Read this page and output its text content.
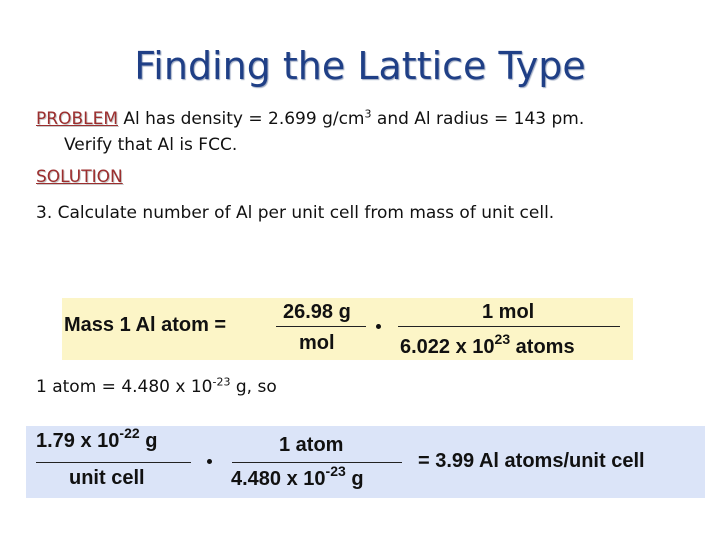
Finding the Lattice Type
PROBLEM Al has density = 2.699 $g/cm^3$ and Al radius = 143 pm.
Verify that Al is FCC.
SOLUTION
3. Calculate number of Al per unit cell from mass of unit cell.
Mass 1 Al atom =
26.98 g
mol
1 mol
6.022 x $10^{23}$ atoms
1 atom = 4.480 x $10^{-23}$ g, so
1.79 x $10^{-22}$ g
unit cell
1 atom
4.480 x $10^{-23}$ g
= 3.99 Al atoms/unit cell
